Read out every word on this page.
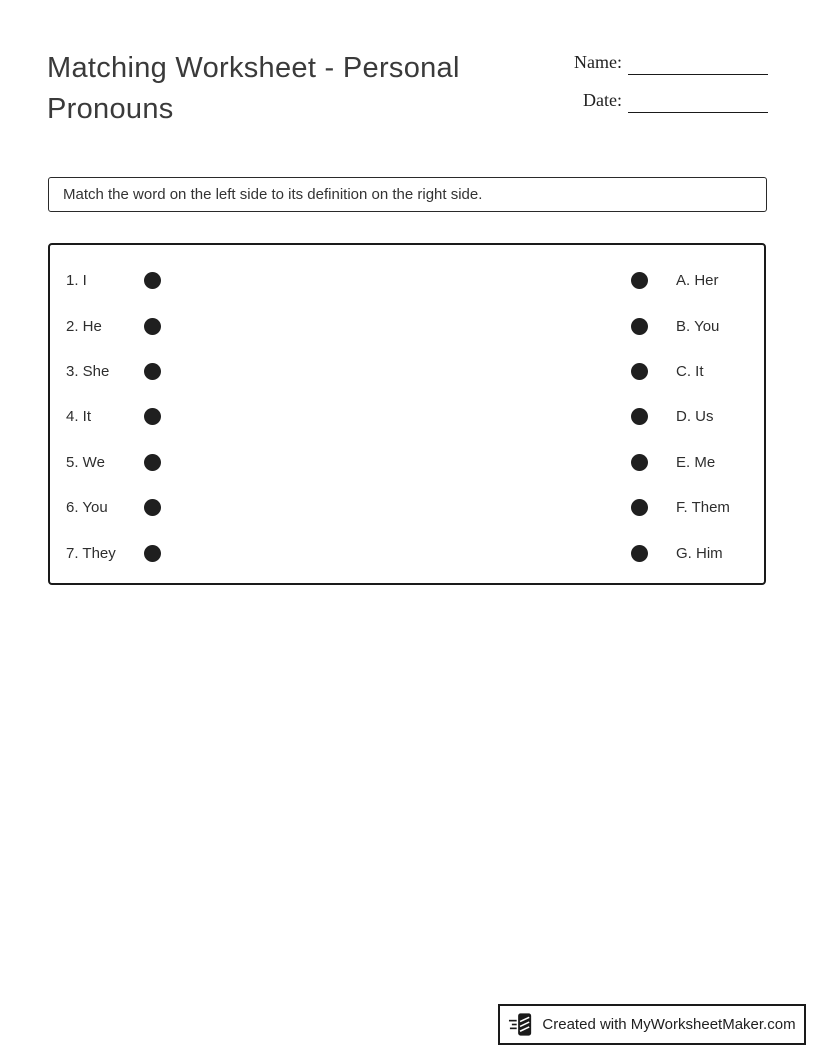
Matching Worksheet - Personal Pronouns
Name:
Date:
Match the word on the left side to its definition on the right side.
1. I	A. Her
2. He	B. You
3. She	C. It
4. It	D. Us
5. We	E. Me
6. You	F. Them
7. They	G. Him
Created with MyWorksheetMaker.com
